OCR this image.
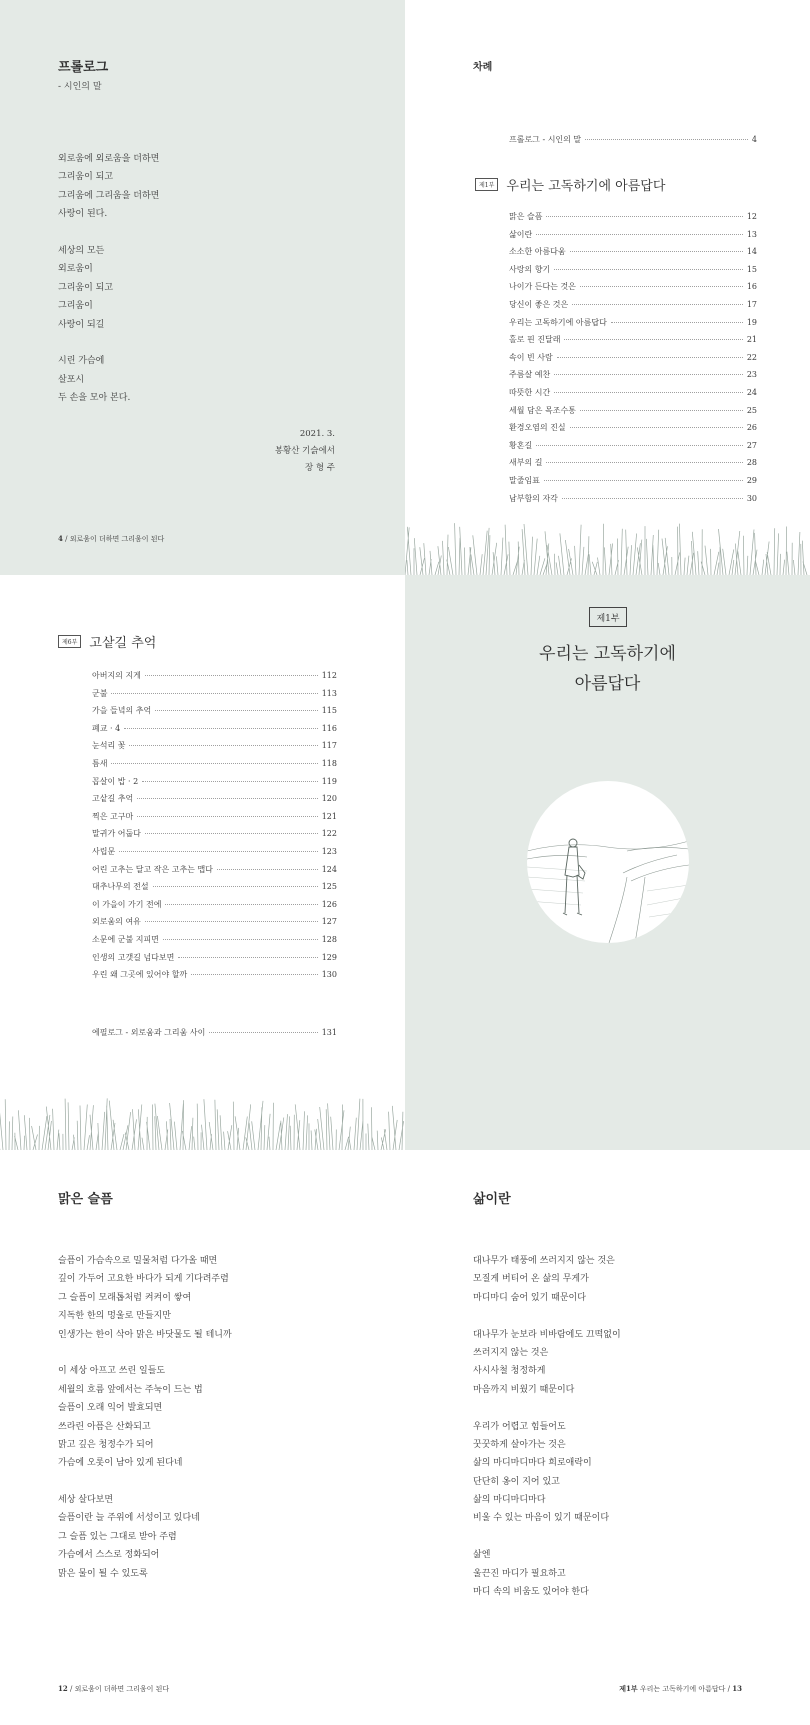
프롤로그
- 시인의 말
외로움에 외로움을 더하면
그리움이 되고
그리움에 그리움을 더하면
사랑이 된다.
세상의 모든
외로움이
그리움이 되고
그리움이
사랑이 되길
시린 가슴에
살포시
두 손을 모아 본다.
2021. 3.
봉황산 기슭에서
장 형 주
4 / 외로움이 더하면 그리움이 된다
차례
프롤로그 - 시인의 말	4
제1부 우리는 고독하기에 아름답다
맑은 슬픔	12
삶이란	13
소소한 아름다움	14
사랑의 향기	15
나이가 든다는 것은	16
당신이 좋은 것은	17
우리는 고독하기에 아름답다	19
홀로 핀 진달래	21
속이 빈 사람	22
주름살 예찬	23
따뜻한 시간	24
세월 담은 목조수통	25
환경오염의 진실	26
황혼길	27
새부의 길	28
말줄임표	29
남부함의 자각	30
제6부 고샅길 추억
아버지의 지게	112
군불	113
가을 들녘의 추억	115
폐교 · 4	116
눈석리 꽃	117
틈새	118
꼽살이 밥 · 2	119
고샅길 추억	120
찍은 고구마	121
말귀가 어둡다	122
사립문	123
어린 고추는 달고 작은 고추는 맵다	124
대추나무의 전설	125
이 가을이 가기 전에	126
외로움의 여유	127
소문에 군불 지피면	128
인생의 고갯길 넘다보면	129
우린 왜 그곳에 있어야 할까	130
에필로그 - 외로움과 그리움 사이	131
제1부
우리는 고독하기에
아름답다
맑은 슬픔
슬픔이 가슴속으로 밀물처럼 다가올 때면
깊이 가두어 고요한 바다가 되게 기다려주렴
그 슬픔이 모래톱처럼 켜켜이 쌓여
지독한 한의 멍울로 만들지만
인생가는 한이 삭아 맑은 바닷물도 될 테니까
이 세상 아프고 쓰린 일들도
세월의 흐름 앞에서는 주눅이 드는 법
슬픔이 오래 익어 발효되면
쓰라린 아픔은 산화되고
맑고 깊은 청정수가 되어
가슴에 오롯이 남아 있게 된다네
세상 살다보면
슬픔이란 늘 주위에 서성이고 있다네
그 슬픔 있는 그대로 받아 주렴
가슴에서 스스로 정화되어
맑은 물이 될 수 있도록
12 / 외로움이 더하면 그리움이 된다
삶이란
대나무가 태풍에 쓰러지지 않는 것은
모질게 버티어 온 삶의 무게가
마디마디 숨어 있기 때문이다
대나무가 눈보라 비바람에도 끄떡없이
쓰러지지 않는 것은
사시사철 청정하게
마음까지 비웠기 때문이다
우리가 어렵고 힘들어도
꿋꿋하게 살아가는 것은
삶의 마디마디마다 희로애락이
단단히 옹이 지어 있고
삶의 마디마디마다
비울 수 있는 마음이 있기 때문이다
삶엔
울끈진 마디가 필요하고
마디 속의 비움도 있어야 한다
제1부 우리는 고독하기에 아름답다 / 13
